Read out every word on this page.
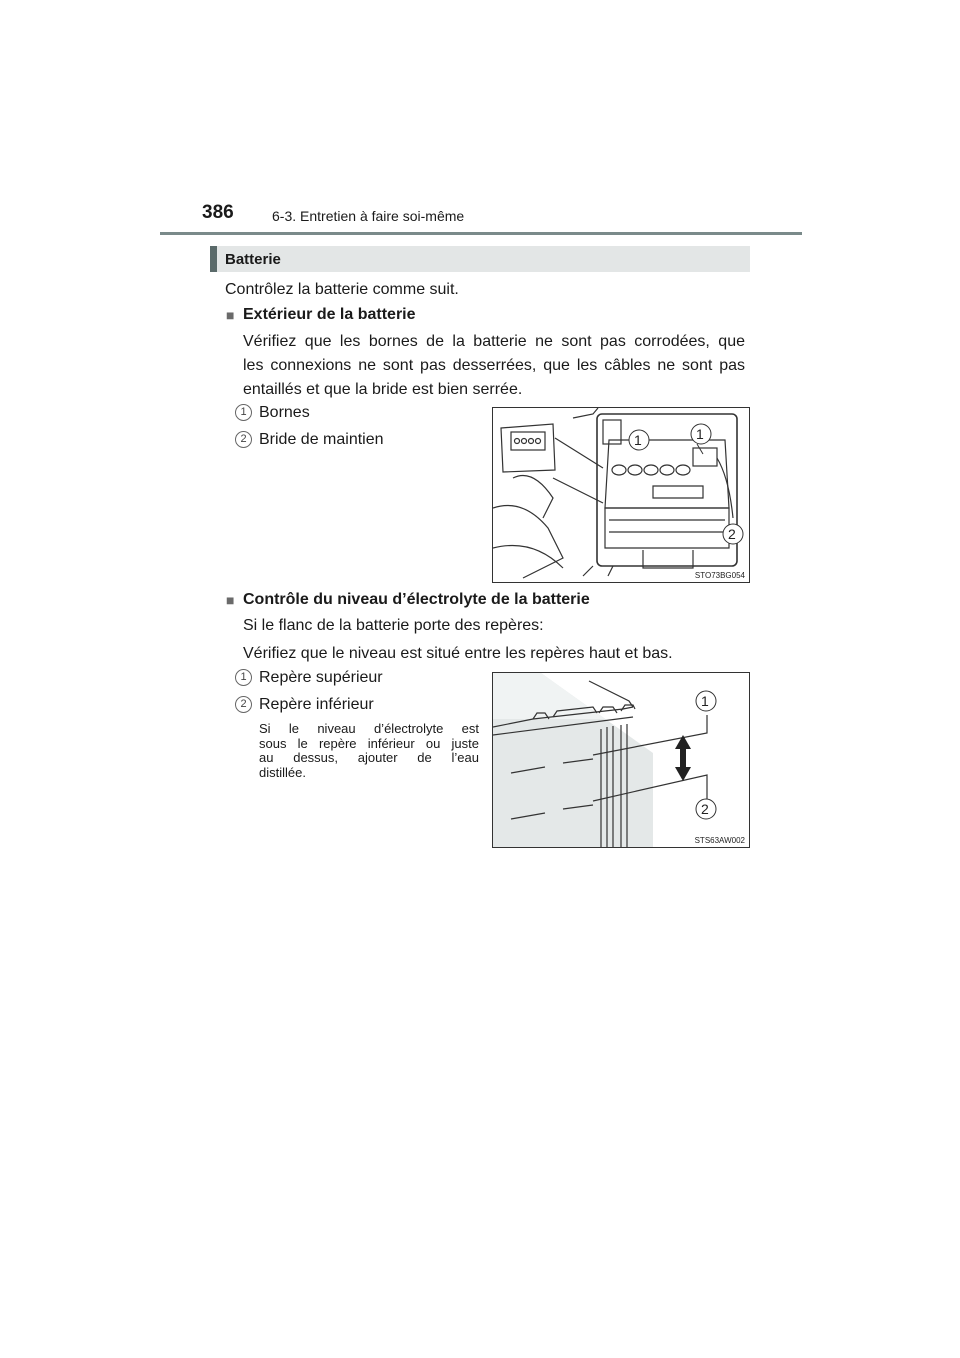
386	6-3. Entretien à faire soi-même
Batterie
Contrôlez la batterie comme suit.
■ Extérieur de la batterie
Vérifiez que les bornes de la batterie ne sont pas corrodées, que
les connexions ne sont pas desserrées, que les câbles ne sont pas
entaillés et que la bride est bien serrée.
1 Bornes
2 Bride de maintien	1	1
2
STO73BG054
■ Contrôle du niveau d’électrolyte de la batterie
Si le flanc de la batterie porte des repères:
Vérifiez que le niveau est situé entre les repères haut et bas.
1 Repère supérieur
2 Repère inférieur
Si le niveau d’électrolyte est
sous le repère inférieur ou juste
au dessus, ajouter de l’eau
distillée.
1
2
STS63AW002
